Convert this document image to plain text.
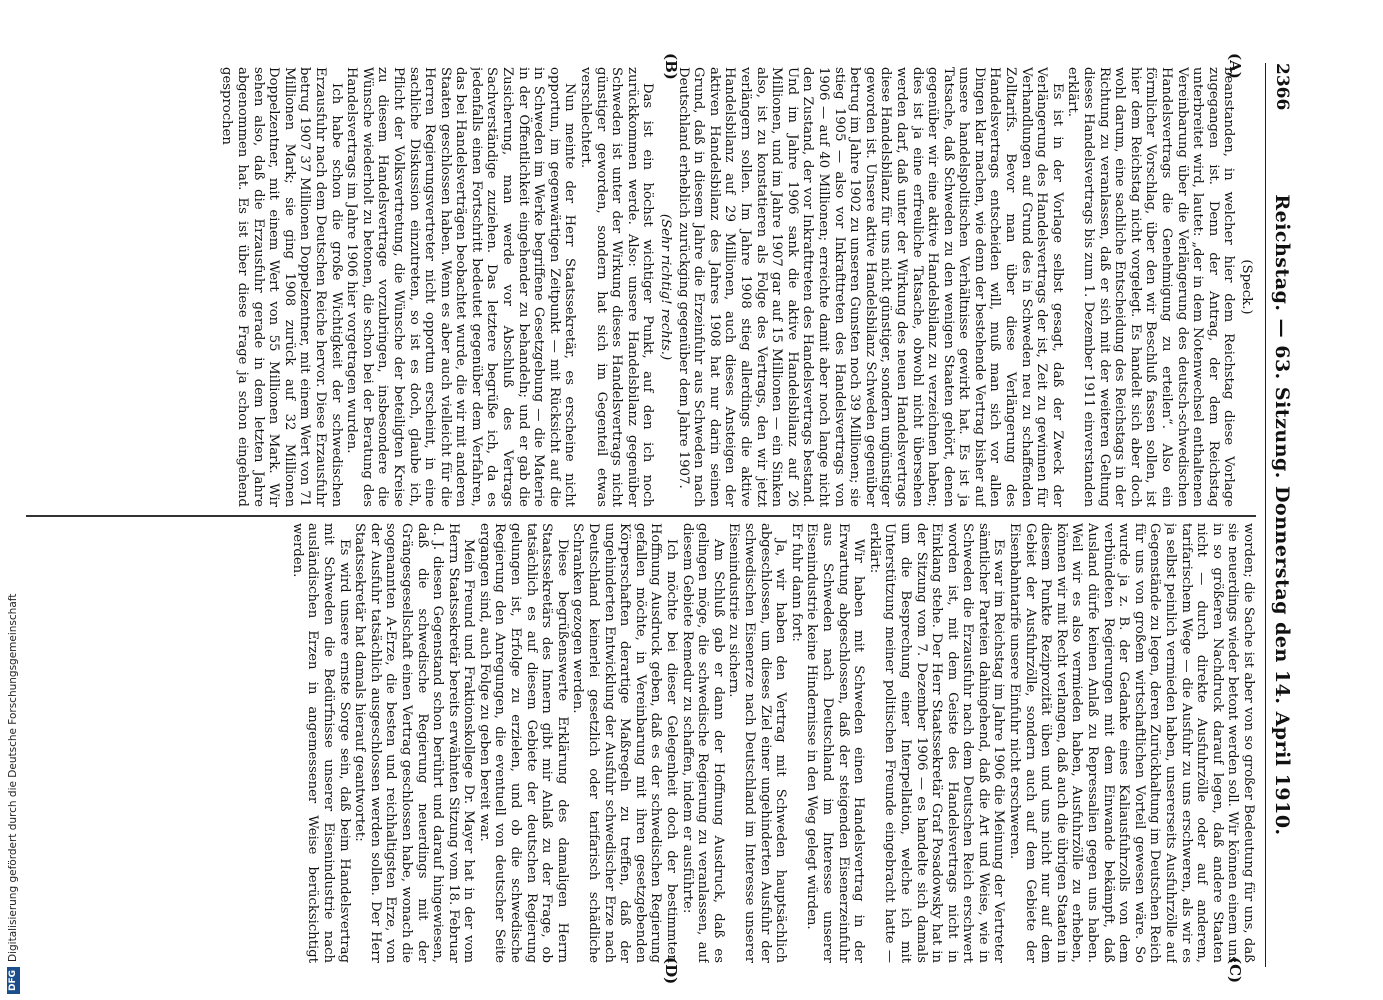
2366
Reichstag. — 63. Sitzung. Donnerstag den 14. April 1910.
(A)
(B)
(C)
(D)

(Speck.)

beanstanden, in welcher hier dem Reichstag diese Vorlage zugegangen ist. Denn der Antrag, der dem Reichstag unterbreitet wird, lautet: „der in dem Notenwechsel enthaltenen Vereinbarung über die Verlängerung des deutsch-schwedischen Handelsvertrags die Genehmigung zu erteilen“. Also ein förmlicher Vorschlag, über den wir Beschluß fassen sollen, ist hier dem Reichstag nicht vorgelegt. Es handelt sich aber doch wohl darum, eine sachliche Entscheidung des Reichstags in der Richtung zu veranlassen, daß er sich mit der weiteren Geltung dieses Handelsvertrags bis zum 1. Dezember 1911 einverstanden erklärt.

Es ist in der Vorlage selbst gesagt, daß der Zweck der Verlängerung des Handelsvertrags der ist, Zeit zu gewinnen für Verhandlungen auf Grund des in Schweden neu zu schaffenden Zolltarifs. Bevor man über diese Verlängerung des Handelsvertrags entscheiden will, muß man sich vor allen Dingen klar machen, wie denn der bestehende Vertrag bisher auf unsere handelspolitischen Verhältnisse gewirkt hat. Es ist ja Tatsache, daß Schweden zu den wenigen Staaten gehört, denen gegenüber wir eine aktive Handelsbilanz zu verzeichnen haben; dies ist ja eine erfreuliche Tatsache, obwohl nicht übersehen werden darf, daß unter der Wirkung des neuen Handelsvertrags diese Handelsbilanz für uns nicht günstiger, sondern ungünstiger geworden ist. Unsere aktive Handelsbilanz Schweden gegenüber betrug im Jahre 1902 zu unseren Gunsten noch 39 Millionen; sie stieg 1905 — also vor Inkrafttreten des Handelsvertrags von 1906 — auf 40 Millionen; erreichte damit aber noch lange nicht den Zustand, der vor Inkrafttreten des Handelsvertrags bestand. Und im Jahre 1906 sank die aktive Handelsbilanz auf 26 Millionen, und im Jahre 1907 gar auf 15 Millionen — ein Sinken also, ist zu konstatieren als Folge des Vertrags, den wir jetzt verlängern sollen. Im Jahre 1908 stieg allerdings die aktive Handelsbilanz auf 29 Millionen, auch dieses Ansteigen der aktiven Handelsbilanz des Jahres 1908 hat nur darin seinen Grund, daß in diesem Jahre die Erzeinfuhr aus Schweden nach Deutschland erheblich zurückging gegenüber dem Jahre 1907.

(Sehr richtig! rechts.)

Das ist ein höchst wichtiger Punkt, auf den ich noch zurückkommen werde. Also: unsere Handelsbilanz gegenüber Schweden ist unter der Wirkung dieses Handelsvertrags nicht günstiger geworden, sondern hat sich im Gegenteil etwas verschlechtert.

Nun meinte der Herr Staatssekretär, es erscheine nicht opportun, im gegenwärtigen Zeitpunkt — mit Rücksicht auf die in Schweden im Werke begriffene Gesetzgebung — die Materie in der Öffentlichkeit eingehender zu behandeln; und er gab die Zusicherung, man werde vor Abschluß des Vertrags Sachverständige zuziehen. Das letztere begrüße ich, da es jedenfalls einen Fortschritt bedeutet gegenüber dem Verfahren, das bei Handelsverträgen beobachtet wurde, die wir mit anderen Staaten geschlossen haben. Wenn es aber auch vielleicht für die Herren Regierungsvertreter nicht opportun erscheint, in eine sachliche Diskussion einzutreten, so ist es doch, glaube ich, Pflicht der Volksvertretung, die Wünsche der beteiligten Kreise zu diesem Handelsvertrage vorzubringen, insbesondere die Wünsche wiederholt zu betonen, die schon bei der Beratung des Handelsvertrags im Jahre 1906 hier vorgetragen wurden.

Ich habe schon die große Wichtigkeit der schwedischen Erzausfuhr nach dem Deutschen Reiche hervor. Diese Erzausfuhr betrug 1907 37 Millionen Doppelzentner, mit einem Wert von 71 Millionen Mark; sie ging 1908 zurück auf 32 Millionen Doppelzentner, mit einem Wert von 55 Millionen Mark. Wir sehen also, daß die Erzausfuhr gerade in dem letzten Jahre abgenommen hat. Es ist über diese Frage ja schon eingehend gesprochen

worden; die Sache ist aber von so großer Bedeutung für uns, daß sie neuerdings wieder betont werden soll. Wir können einem uns in so größeren Nachdruck darauf legen, daß andere Staaten nicht — durch direkte Ausfuhrzölle oder auf anderem, tarifarischem Wege — die Ausfuhr zu uns erschweren, als wir es ja selbst peinlich vermieden haben, unsererseits Ausfuhrzölle auf Gegenstände zu legen, deren Zurückhaltung im Deutschen Reich für uns von großem wirtschaftlichen Vorteil gewesen wäre. So wurde ja z. B. der Gedanke eines Kaliausfuhrzolls von dem verbündeten Regierungen mit dem Einwande bekämpft, daß Ausland dürfe keinen Anlaß zu Repressalien gegen uns haben. Weil wir es also vermieden haben, Ausfuhrzölle zu erheben, können wir mit Recht verlangen, daß auch die übrigen Staaten in diesem Punkte Reziprozität üben und uns nicht nur auf dem Gebiet der Ausfuhrzölle, sondern auch auf dem Gebiete der Eisenbahntarife unsere Einfuhr nicht erschweren.

Es war im Reichstag im Jahre 1906 die Meinung der Vertreter sämtlicher Parteien dahingehend, daß die Art und Weise, wie in Schweden die Erzausfuhr nach dem Deutschen Reich erschwert worden ist, mit dem Geiste des Handelsvertrags nicht in Einklang stehe. Der Herr Staatssekretär Graf Posadowsky hat in der Sitzung vom 7. Dezember 1906 — es handelte sich damals um die Besprechung einer Interpellation, welche ich mit Unterstützung meiner politischen Freunde eingebracht hatte — erklärt:

Wir haben mit Schweden einen Handelsvertrag in der Erwartung abgeschlossen, daß der steigenden Eisenerzeinfuhr aus Schweden nach Deutschland im Interesse unserer Eisenindustrie keine Hindernisse in den Weg gelegt würden.

Er fuhr dann fort:

Ja, wir haben den Vertrag mit Schweden hauptsächlich abgeschlossen, um dieses Ziel einer ungehinderten Ausfuhr der schwedischen Eisenerze nach Deutschland im Interesse unserer Eisenindustrie zu sichern.

Am Schluß gab er dann der Hoffnung Ausdruck, daß es gelingen möge, die schwedische Regierung zu veranlassen, auf diesem Gebiete Remedur zu schaffen, indem er ausführte:

Ich möchte bei dieser Gelegenheit doch der bestimmten Hoffnung Ausdruck geben, daß es der schwedischen Regierung gefallen möchte, in Vereinbarung mit ihren gesetzgebenden Körperschaften derartige Maßregeln zu treffen, daß der ungehinderten Entwicklung der Ausfuhr schwedischer Erze nach Deutschland keinerlei gesetzlich oder tarifarisch schädliche Schranken gezogen werden.

Diese begrüßenswerte Erklärung des damaligen Herrn Staatssekretärs des Innern gibt mir Anlaß zu der Frage, ob tatsächlich es auf diesem Gebiete der deutschen Regierung gelungen ist, Erfolge zu erzielen, und ob die schwedische Regierung den Anregungen, die eventuell von deutscher Seite ergangen sind, auch Folge zu geben bereit war.

Mein Freund und Fraktionskollege Dr. Mayer hat in der vom Herrn Staatssekretär bereits erwähnten Sitzung vom 18. Februar d. J. diesen Gegenstand schon berührt und darauf hingewiesen, daß die schwedische Regierung neuerdings mit der Grängesgesellschaft einen Vertrag geschlossen habe, wonach die sogenannten A-Erze, die besten und reichhaltigsten Erze, von der Ausfuhr tatsächlich ausgeschlossen werden sollen. Der Herr Staatssekretär hat damals hierauf geantwortet:

Es wird unsere ernste Sorge sein, daß beim Handelsvertrag mit Schweden die Bedürfnisse unserer Eisenindustrie nach ausländischen Erzen in angemessener Weise berücksichtigt werden.

DFGDigitalisierung gefördert durch die Deutsche Forschungsgemeinschaft
